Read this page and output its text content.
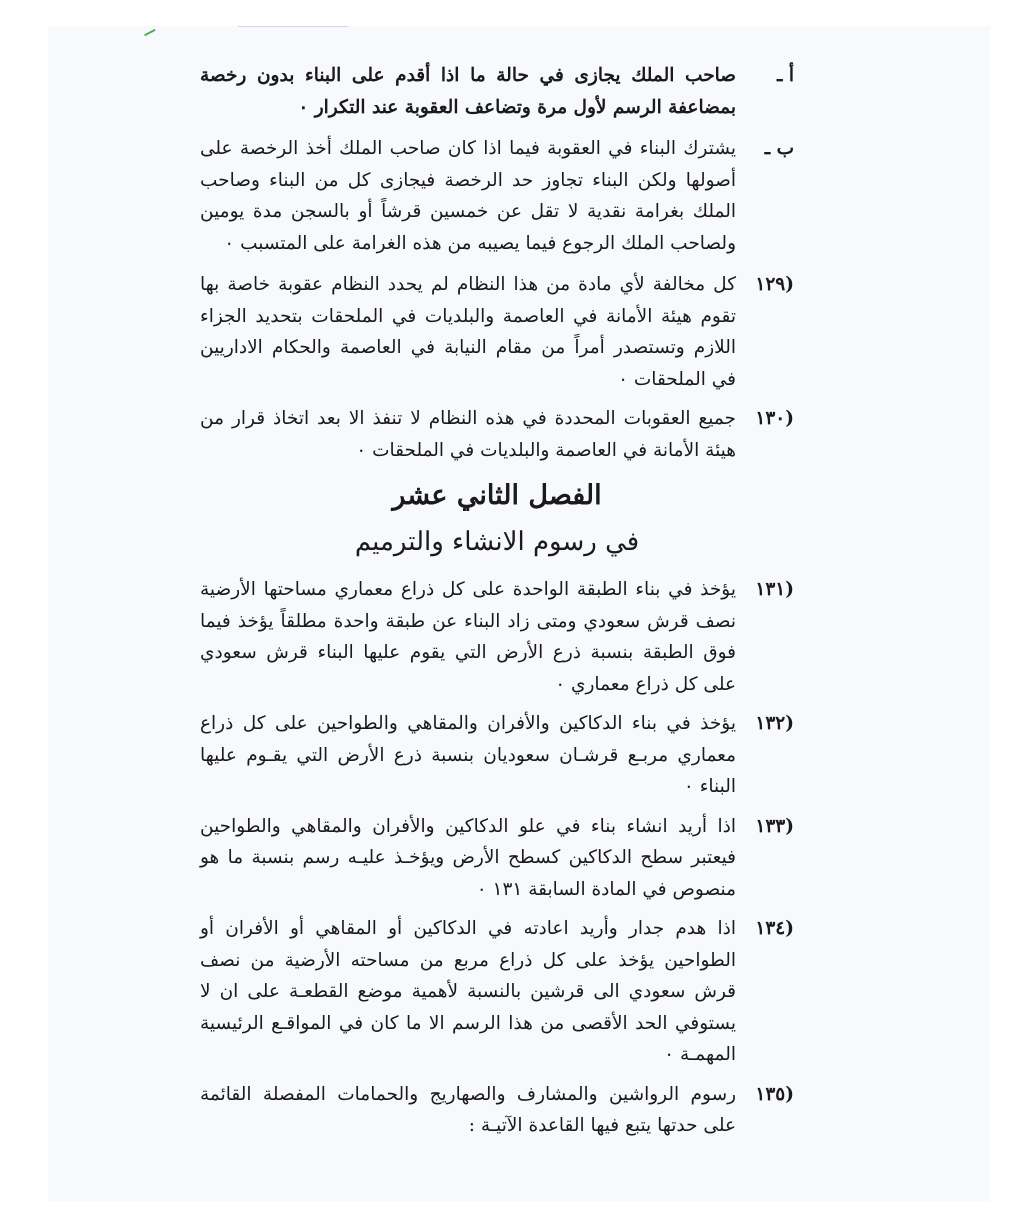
أ ـ

صاحب الملك يجازى في حالة ما اذا أقدم على البناء بدون رخصة بمضاعفة الرسم لأول مرة وتضاعف العقوبة عند التكرار ٠

ب ـ

يشترك البناء في العقوبة فيما اذا كان صاحب الملك أخذ الرخصة على أصولها ولكن البناء تجاوز حد الرخصة فيجازى كل من البناء وصاحب الملك بغرامة نقدية لا تقل عن خمسين قرشاً أو بالسجن مدة يومين ولصاحب الملك الرجوع فيما يصيبه من هذه الغرامة على المتسبب ٠

(١٢٩

كل مخالفة لأي مادة من هذا النظام لم يحدد النظام عقوبة خاصة بها تقوم هيئة الأمانة في العاصمة والبلديات في الملحقات بتحديد الجزاء اللازم وتستصدر أمراً من مقام النيابة في العاصمة والحكام الاداريين في الملحقات ٠

(١٣٠

جميع العقوبات المحددة في هذه النظام لا تنفذ الا بعد اتخاذ قرار من هيئة الأمانة في العاصمة والبلديات في الملحقات ٠

الفصل الثاني عشر
في رسوم الانشاء والترميم
(١٣١

يؤخذ في بناء الطبقة الواحدة على كل ذراع معماري مساحتها الأرضية نصف قرش سعودي ومتى زاد البناء عن طبقة واحدة مطلقاً يؤخذ فيما فوق الطبقة بنسبة ذرع الأرض التي يقوم عليها البناء قرش سعودي على كل ذراع معماري ٠

(١٣٢

يؤخذ في بناء الدكاكين والأفران والمقاهي والطواحين على كل ذراع معماري مربـع قرشـان سعوديان بنسبة ذرع الأرض التي يقـوم عليها البناء ٠

(١٣٣

اذا أريد انشاء بناء في علو الدكاكين والأفران والمقاهي والطواحين فيعتبر سطح الدكاكين كسطح الأرض ويؤخـذ عليـه رسم بنسبة ما هو منصوص في المادة السابقة ١٣١ ٠

(١٣٤

اذا هدم جدار وأريد اعادته في الدكاكين أو المقاهي أو الأفران أو الطواحين يؤخذ على كل ذراع مربع من مساحته الأرضية من نصف قرش سعودي الى قرشين بالنسبة لأهمية موضع القطعـة على ان لا يستوفي الحد الأقصى من هذا الرسم الا ما كان في المواقـع الرئيسية المهمـة ٠

(١٣٥

رسوم الرواشين والمشارف والصهاريج والحمامات المفصلة القائمة على حدتها يتبع فيها القاعدة الآتيـة :
